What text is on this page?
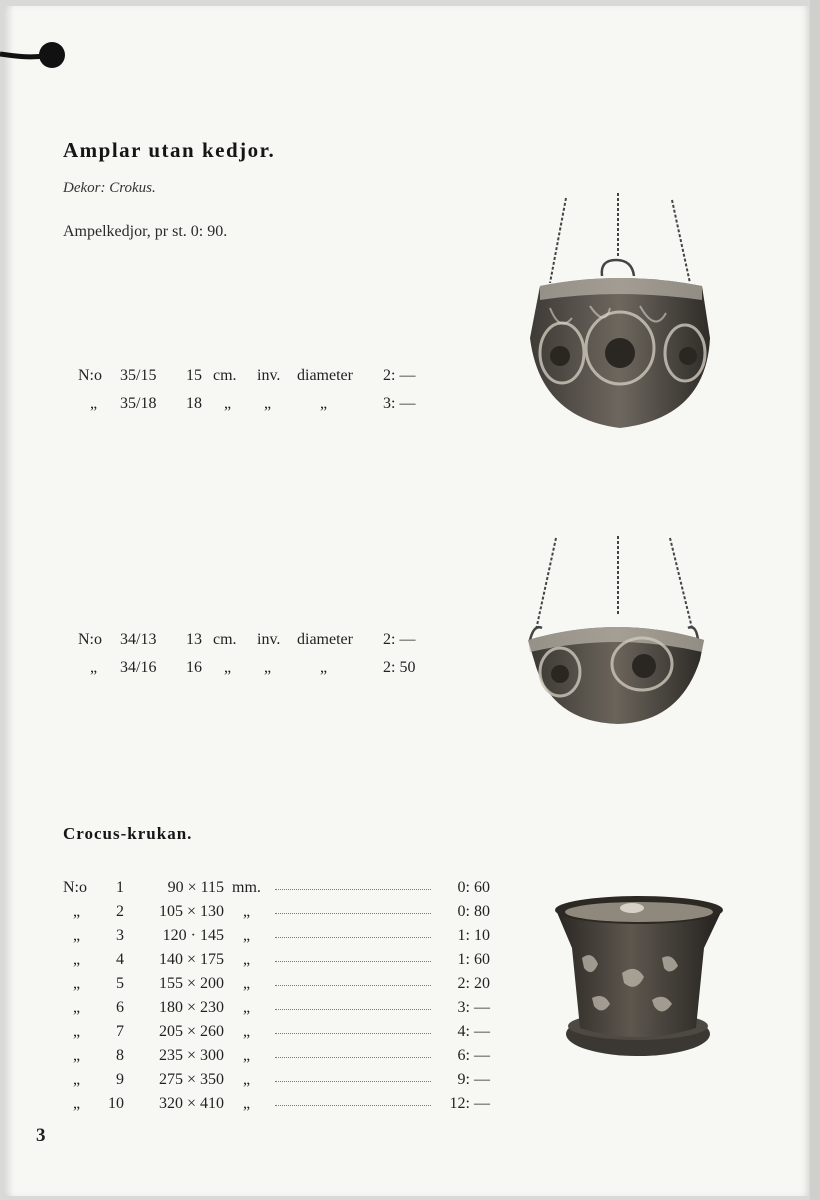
Amplar utan kedjor.
Dekor: Crokus.
Ampelkedjor, pr st. 0: 90.
N:o 35/15 15 cm. inv. diameter 2: —
„ 35/18 18 „ „	„	3: —
N:o 34/13 13 cm. inv. diameter 2: —
„ 34/16 16 „ „	„	2: 50
Crocus-krukan.
N:o	1	90 × 115 mm.	0: 60
„	2	105 × 130 „	0: 80
„	3	120 · 145 „	1: 10
„	4	140 × 175 „	1: 60
„	5	155 × 200 „	2: 20
„	6	180 × 230 „	3: —
„	7	205 × 260 „	4: —
„	8	235 × 300 „	6: —
„	9	275 × 350 „	9: —
„	10	320 × 410 „	12: —
3
